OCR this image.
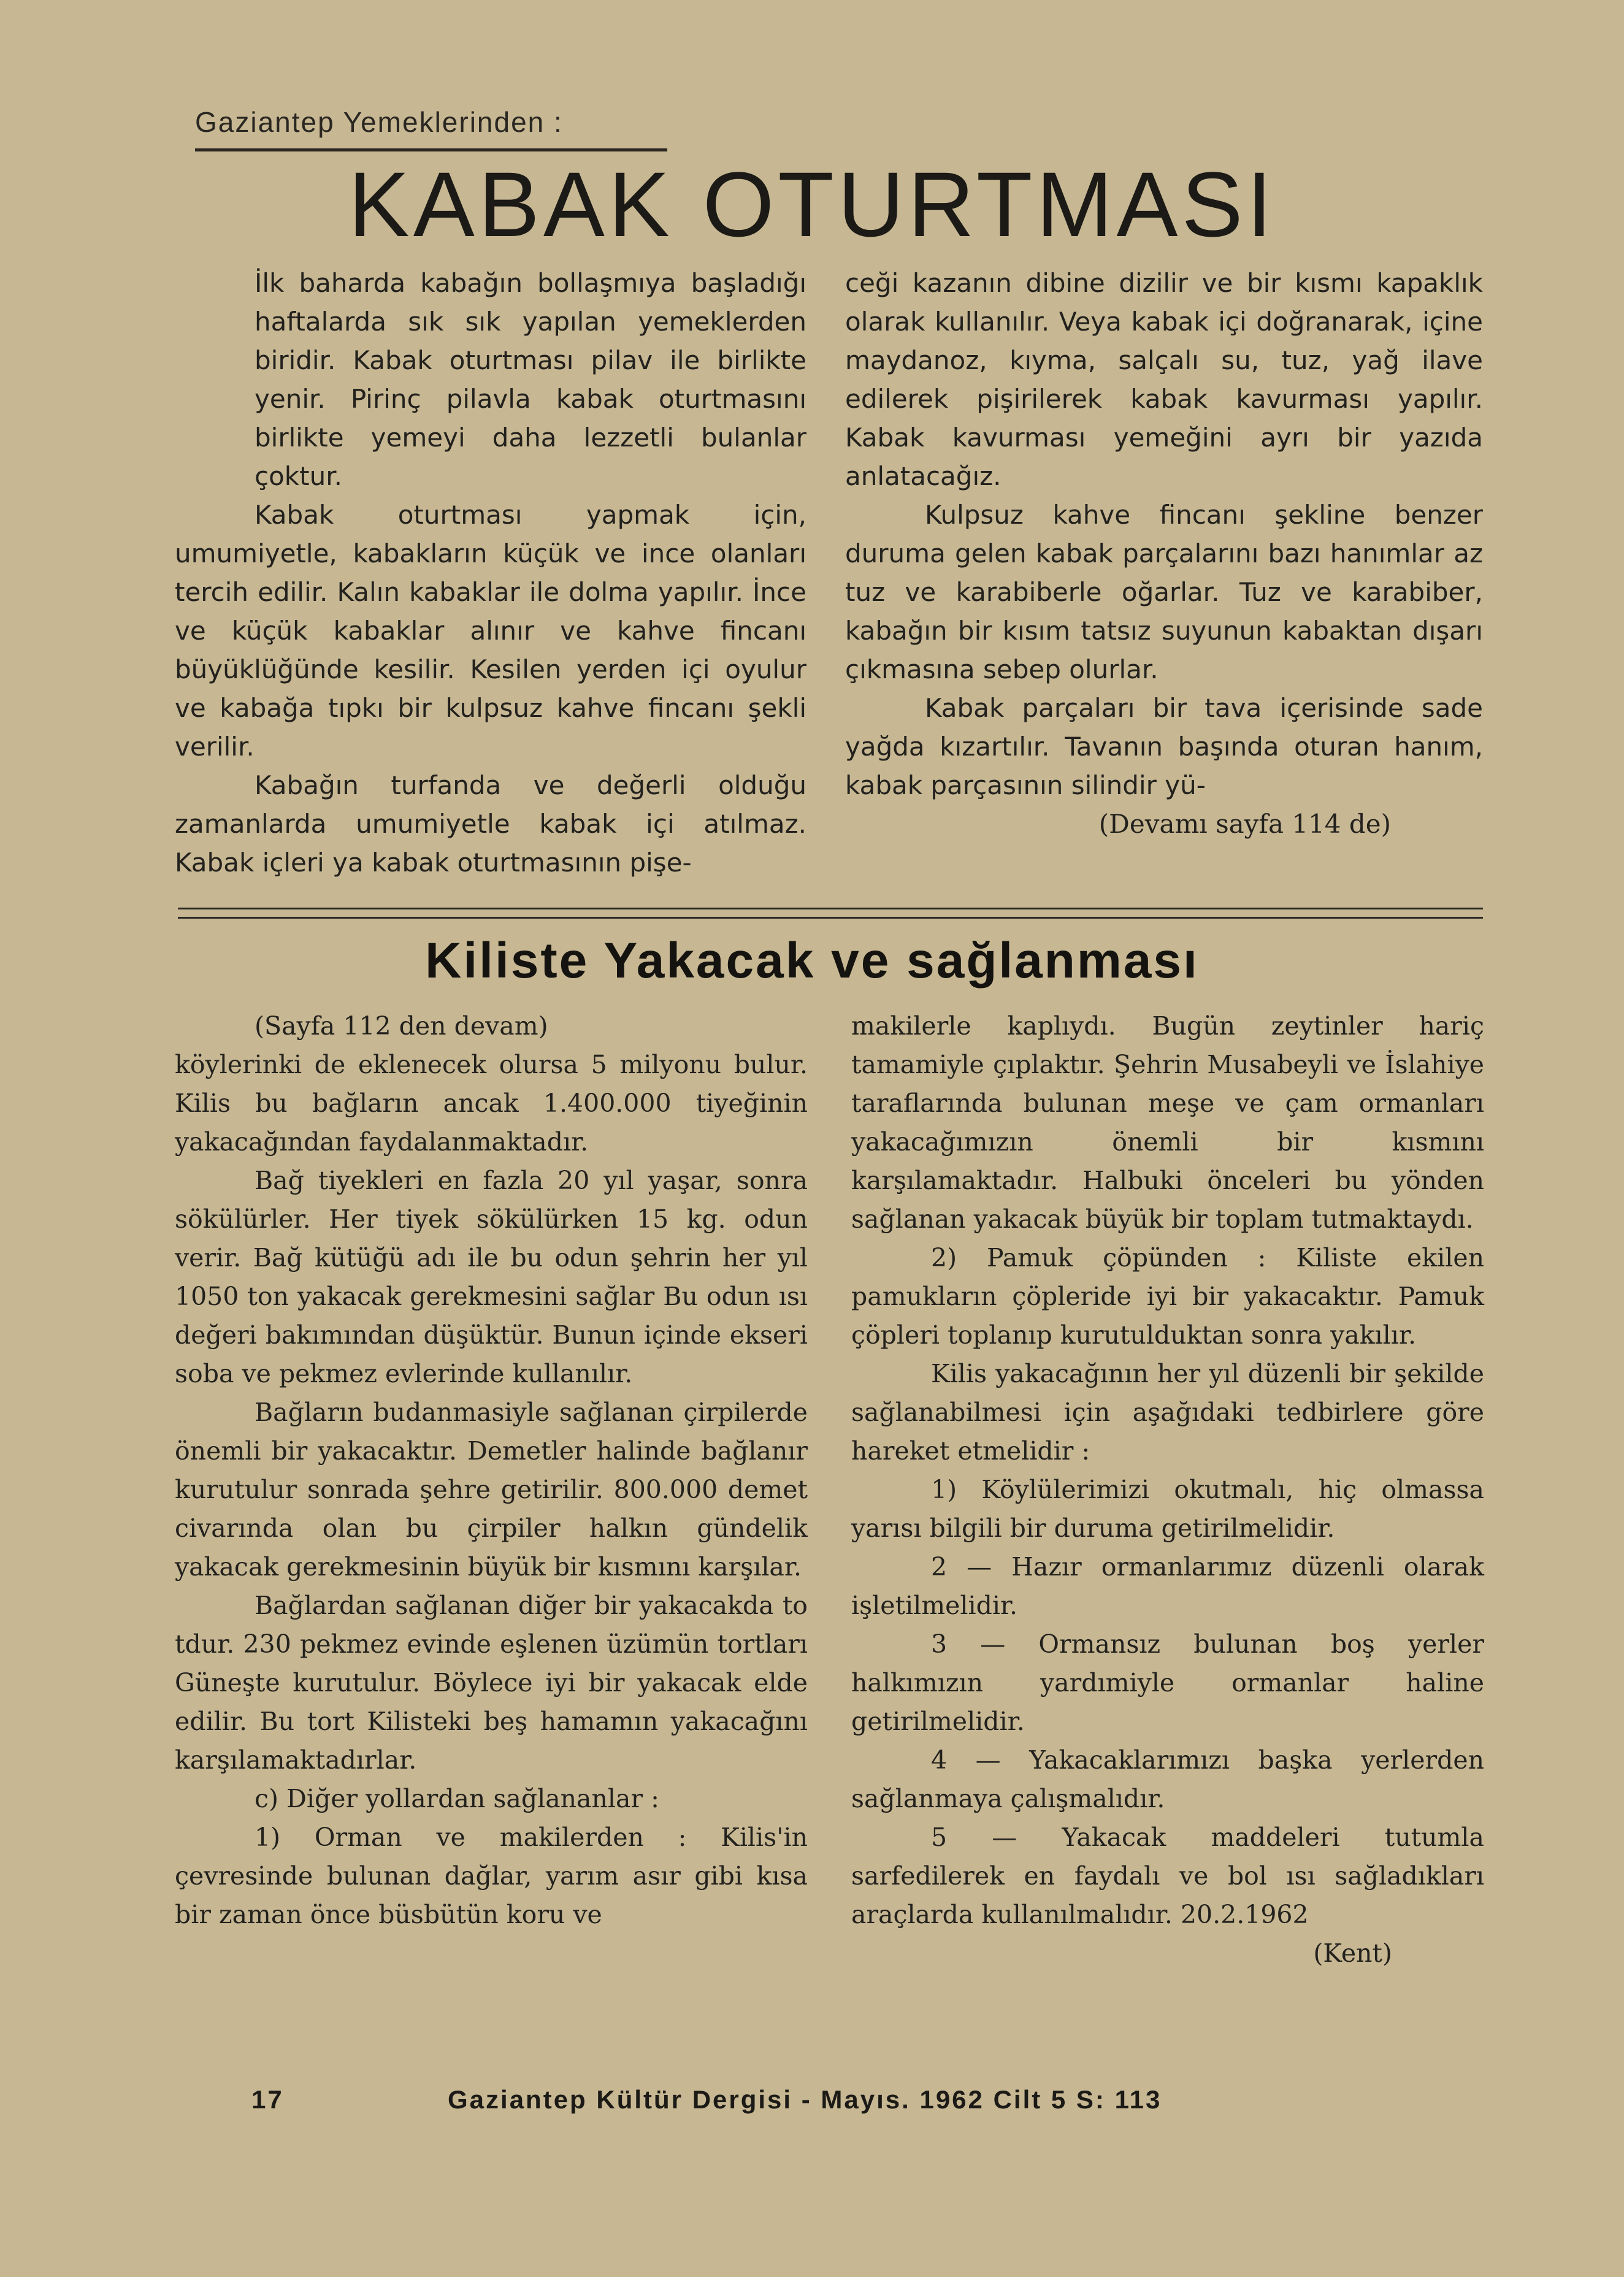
Gaziantep Yemeklerinden :
KABAK OTURTMASI

İlk baharda kabağın bollaşmıya başladığı haftalarda sık sık yapılan yemeklerden biridir. Kabak oturtması pilav ile birlikte yenir. Pirinç pilavla kabak oturtmasını birlikte yemeyi daha lezzetli bulanlar çoktur.

Kabak oturtması yapmak için, umumiyetle, kabakların küçük ve ince olanları tercih edilir. Kalın kabaklar ile dolma yapılır. İnce ve küçük kabaklar alınır ve kahve fincanı büyüklüğünde kesilir. Kesilen yerden içi oyulur ve kabağa tıpkı bir kulpsuz kahve fincanı şekli verilir.

Kabağın turfanda ve değerli olduğu zamanlarda umumiyetle kabak içi atılmaz. Kabak içleri ya kabak oturtmasının pişe-

ceği kazanın dibine dizilir ve bir kısmı kapaklık olarak kullanılır. Veya kabak içi doğranarak, içine maydanoz, kıyma, salçalı su, tuz, yağ ilave edilerek pişirilerek kabak kavurması yapılır. Kabak kavurması yemeğini ayrı bir yazıda anlatacağız.

Kulpsuz kahve fincanı şekline benzer duruma gelen kabak parçalarını bazı hanımlar az tuz ve karabiberle oğarlar. Tuz ve karabiber, kabağın bir kısım tatsız suyunun kabaktan dışarı çıkmasına sebep olurlar.

Kabak parçaları bir tava içerisinde sade yağda kızartılır. Tavanın başında oturan hanım, kabak parçasının silindir yü-

(Devamı sayfa 114 de)

Kiliste Yakacak ve sağlanması

(Sayfa 112 den devam)

köylerinki de eklenecek olursa 5 milyonu bulur. Kilis bu bağların ancak 1.400.000 tiyeğinin yakacağından faydalanmaktadır.

Bağ tiyekleri en fazla 20 yıl yaşar, sonra sökülürler. Her tiyek sökülürken 15 kg. odun verir. Bağ kütüğü adı ile bu odun şehrin her yıl 1050 ton yakacak gerekmesini sağlar Bu odun ısı değeri bakımından düşüktür. Bunun içinde ekseri soba ve pekmez evlerinde kullanılır.

Bağların budanmasiyle sağlanan çirpilerde önemli bir yakacaktır. Demetler halinde bağlanır kurutulur sonrada şehre getirilir. 800.000 demet civarında olan bu çirpiler halkın gündelik yakacak gerekmesinin büyük bir kısmını karşılar.

Bağlardan sağlanan diğer bir yakacakda to tdur. 230 pekmez evinde eşlenen üzümün tortları Güneşte kurutulur. Böylece iyi bir yakacak elde edilir. Bu tort Kilisteki beş hamamın yakacağını karşılamaktadırlar.

c) Diğer yollardan sağlananlar :

1) Orman ve makilerden : Kilis'in çevresinde bulunan dağlar, yarım asır gibi kısa bir zaman önce büsbütün koru ve

makilerle kaplıydı. Bugün zeytinler hariç tamamiyle çıplaktır. Şehrin Musabeyli ve İslahiye taraflarında bulunan meşe ve çam ormanları yakacağımızın önemli bir kısmını karşılamaktadır. Halbuki önceleri bu yönden sağlanan yakacak büyük bir toplam tutmaktaydı.

2) Pamuk çöpünden : Kiliste ekilen pamukların çöpleride iyi bir yakacaktır. Pamuk çöpleri toplanıp kurutulduktan sonra yakılır.

Kilis yakacağının her yıl düzenli bir şekilde sağlanabilmesi için aşağıdaki tedbirlere göre hareket etmelidir :

1) Köylülerimizi okutmalı, hiç olmassa yarısı bilgili bir duruma getirilmelidir.

2 — Hazır ormanlarımız düzenli olarak işletilmelidir.

3 — Ormansız bulunan boş yerler halkımızın yardımiyle ormanlar haline getirilmelidir.

4 — Yakacaklarımızı başka yerlerden sağlanmaya çalışmalıdır.

5 — Yakacak maddeleri tutumla sarfedilerek en faydalı ve bol ısı sağladıkları araçlarda kullanılmalıdır. 20.2.1962

(Kent)

17	Gaziantep Kültür Dergisi - Mayıs. 1962 Cilt 5 S: 113
